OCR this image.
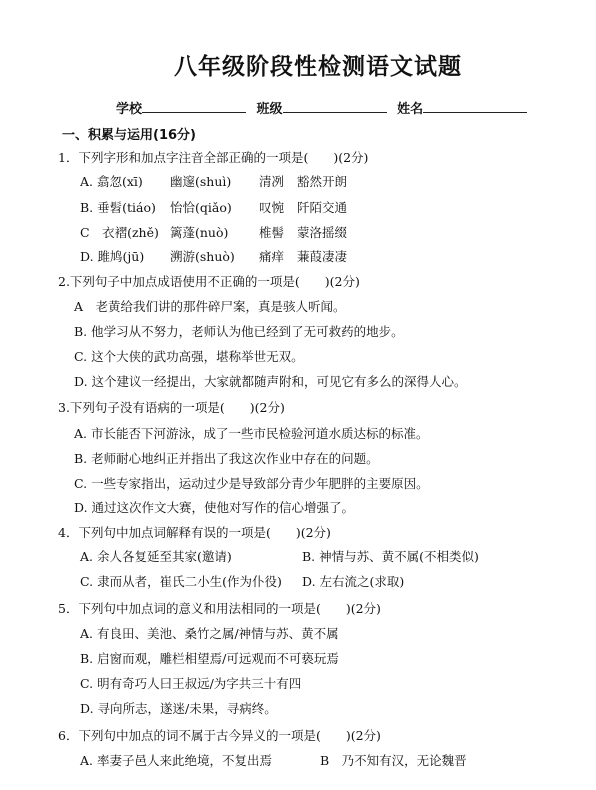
八年级阶段性检测语文试题
学校	班级	姓名
一、积累与运用(16分)
1．下列字形和加点字注音全部正确的一项是(　　)(2分)
A. 翕忽(xī) 幽邃(shuì) 清冽 豁然开朗
B. 垂髫(tiáo) 怡恰(qiǎo) 叹惋 阡陌交通
C　衣褶(zhě) 篱蓬(nuò) 椎髻 蒙洛摇缀
D. 雎鸠(jū) 溯游(shuò) 痛痒 蒹葭凄凄
2.下列句子中加点成语使用不正确的一项是(　　)(2分)
A　老黄给我们讲的那件碎尸案，真是骇人听闻。
B. 他学习从不努力，老师认为他已经到了无可救药的地步。
C. 这个大侠的武功高强，堪称举世无双。
D. 这个建议一经提出，大家就都随声附和，可见它有多么的深得人心。
3.下列句子没有语病的一项是(　　)(2分)
A. 市长能否下河游泳，成了一些市民检验河道水质达标的标准。
B. 老师耐心地纠正并指出了我这次作业中存在的问题。
C. 一些专家指出，运动过少是导致部分青少年肥胖的主要原因。
D. 通过这次作文大赛，使他对写作的信心增强了。
4．下列句中加点词解释有误的一项是(　　)(2分)
A. 余人各复延至其家(邀请)	B. 神情与苏、黄不属(不相类似)
C. 隶而从者，崔氏二小生(作为仆役) D. 左右流之(求取)
5．下列句中加点词的意义和用法相同的一项是(　　)(2分)
A. 有良田、美池、桑竹之属/神情与苏、黄不属
B. 启窗而观，雕栏相望焉/可远观而不可亵玩焉
C. 明有奇巧人曰王叔远/为字共三十有四
D. 寻向所志，遂迷/未果，寻病终。
6．下列句中加点的词不属于古今异义的一项是(　　)(2分)
A. 率妻子邑人来此绝境，不复出焉	B　乃不知有汉，无论魏晋
